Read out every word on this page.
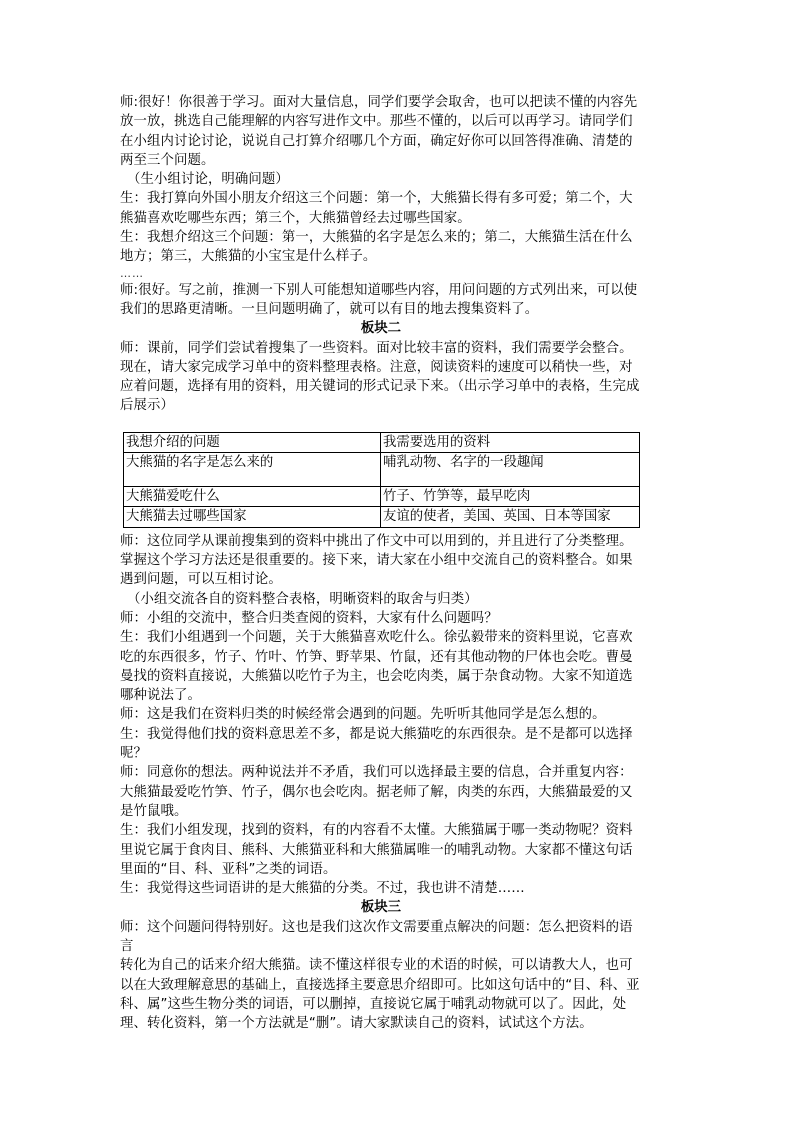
师:很好！你很善于学习。面对大量信息，同学们要学会取舍，也可以把读不懂的内容先放一放，挑选自己能理解的内容写进作文中。那些不懂的，以后可以再学习。请同学们在小组内讨论讨论，说说自己打算介绍哪几个方面，确定好你可以回答得准确、清楚的两至三个问题。

（生小组讨论，明确问题）

生：我打算向外国小朋友介绍这三个问题：第一个，大熊猫长得有多可爱；第二个，大熊猫喜欢吃哪些东西；第三个，大熊猫曾经去过哪些国家。

生：我想介绍这三个问题：第一，大熊猫的名字是怎么来的；第二，大熊猫生活在什么地方；第三，大熊猫的小宝宝是什么样子。

……

师:很好。写之前，推测一下别人可能想知道哪些内容，用问问题的方式列出来，可以使我们的思路更清晰。一旦问题明确了，就可以有目的地去搜集资料了。

板块二

师：课前，同学们尝试着搜集了一些资料。面对比较丰富的资料，我们需要学会整合。现在，请大家完成学习单中的资料整理表格。注意，阅读资料的速度可以稍快一些，对应着问题，选择有用的资料，用关键词的形式记录下来。（出示学习单中的表格，生完成后展示）

我想介绍的问题	我需要选用的资料
大熊猫的名字是怎么来的	哺乳动物、名字的一段趣闻
大熊猫爱吃什么	竹子、竹笋等，最早吃肉
大熊猫去过哪些国家	友谊的使者，美国、英国、日本等国家

师：这位同学从课前搜集到的资料中挑出了作文中可以用到的，并且进行了分类整理。掌握这个学习方法还是很重要的。接下来，请大家在小组中交流自己的资料整合。如果遇到问题，可以互相讨论。

（小组交流各自的资料整合表格，明晰资料的取舍与归类）

师：小组的交流中，整合归类查阅的资料，大家有什么问题吗？

生：我们小组遇到一个问题，关于大熊猫喜欢吃什么。徐弘毅带来的资料里说，它喜欢吃的东西很多，竹子、竹叶、竹笋、野苹果、竹鼠，还有其他动物的尸体也会吃。曹曼曼找的资料直接说，大熊猫以吃竹子为主，也会吃肉类，属于杂食动物。大家不知道选哪种说法了。

师：这是我们在资料归类的时候经常会遇到的问题。先听听其他同学是怎么想的。

生：我觉得他们找的资料意思差不多，都是说大熊猫吃的东西很杂。是不是都可以选择呢？

师：同意你的想法。两种说法并不矛盾，我们可以选择最主要的信息，合并重复内容：大熊猫最爱吃竹笋、竹子，偶尔也会吃肉。据老师了解，肉类的东西，大熊猫最爱的又是竹鼠哦。

生：我们小组发现，找到的资料，有的内容看不太懂。大熊猫属于哪一类动物呢？资料里说它属于食肉目、熊科、大熊猫亚科和大熊猫属唯一的哺乳动物。大家都不懂这句话里面的“目、科、亚科”之类的词语。

生：我觉得这些词语讲的是大熊猫的分类。不过，我也讲不清楚……

板块三

师：这个问题问得特别好。这也是我们这次作文需要重点解决的问题：怎么把资料的语言

转化为自己的话来介绍大熊猫。读不懂这样很专业的术语的时候，可以请教大人，也可以在大致理解意思的基础上，直接选择主要意思介绍即可。比如这句话中的“目、科、亚科、属”这些生物分类的词语，可以删掉，直接说它属于哺乳动物就可以了。因此，处理、转化资料，第一个方法就是“删”。请大家默读自己的资料，试试这个方法。
